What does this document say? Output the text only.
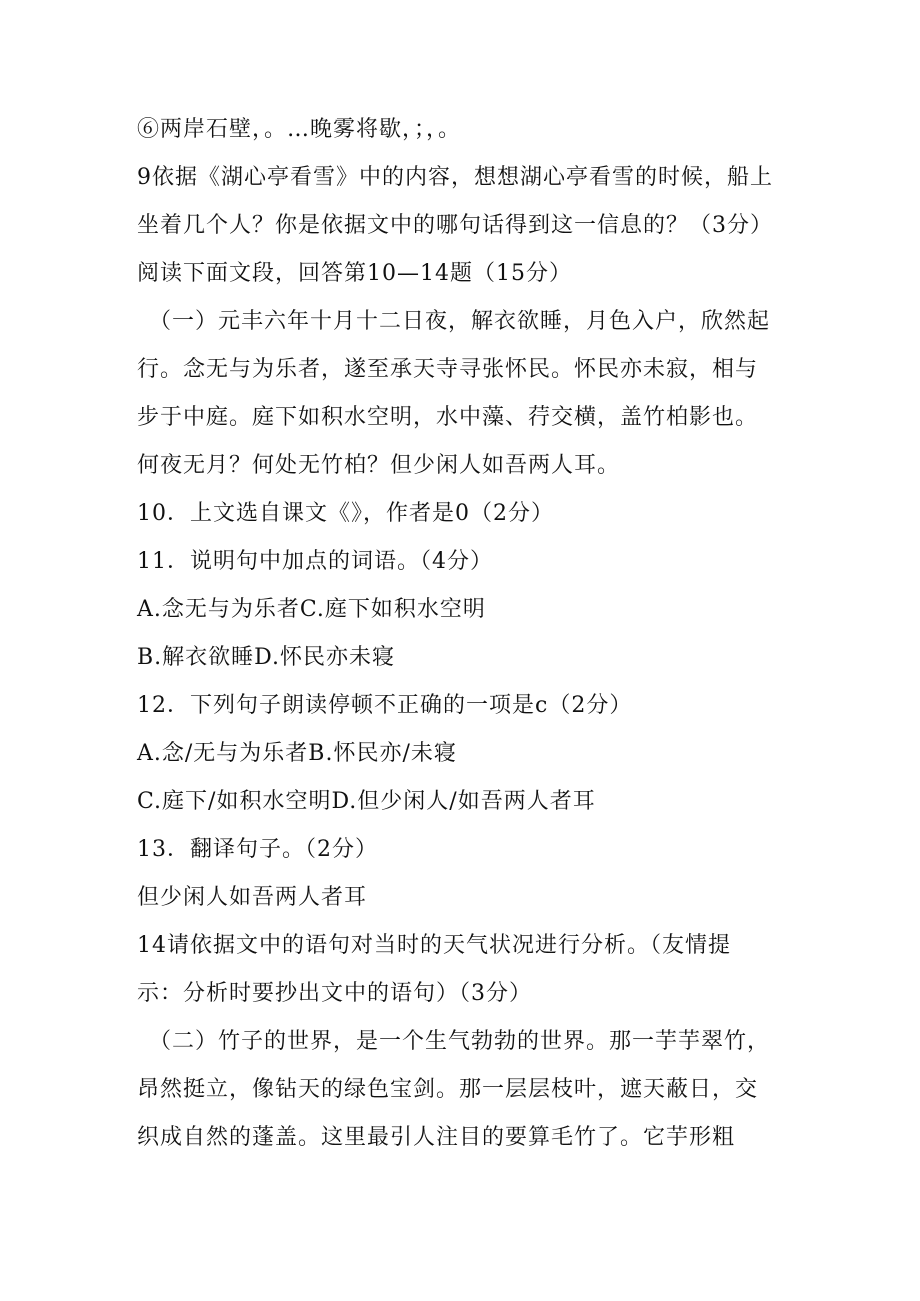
⑥两岸石壁，。…晚雾将歇，；，。
9依据《湖心亭看雪》中的内容，想想湖心亭看雪的时候，船上
坐着几个人？你是依据文中的哪句话得到这一信息的？（3分）
阅读下面文段，回答第10—14题（15分）
（一）元丰六年十月十二日夜，解衣欲睡，月色入户，欣然起
行。念无与为乐者，遂至承天寺寻张怀民。怀民亦未寂，相与
步于中庭。庭下如积水空明，水中藻、荇交横，盖竹柏影也。
何夜无月？何处无竹柏？但少闲人如吾两人耳。
10．上文选自课文《》，作者是0（2分）
11．说明句中加点的词语。（4分）
A.念无与为乐者C.庭下如积水空明
B.解衣欲睡D.怀民亦未寝
12．下列句子朗读停顿不正确的一项是c（2分）
A.念/无与为乐者B.怀民亦/未寝
C.庭下/如积水空明D.但少闲人/如吾两人者耳
13．翻译句子。（2分）
但少闲人如吾两人者耳
14请依据文中的语句对当时的天气状况进行分析。（友情提
示：分析时要抄出文中的语句）（3分）
（二）竹子的世界，是一个生气勃勃的世界。那一芋芋翠竹，
昂然挺立，像钻天的绿色宝剑。那一层层枝叶，遮天蔽日，交
织成自然的蓬盖。这里最引人注目的要算毛竹了。它芋形粗
